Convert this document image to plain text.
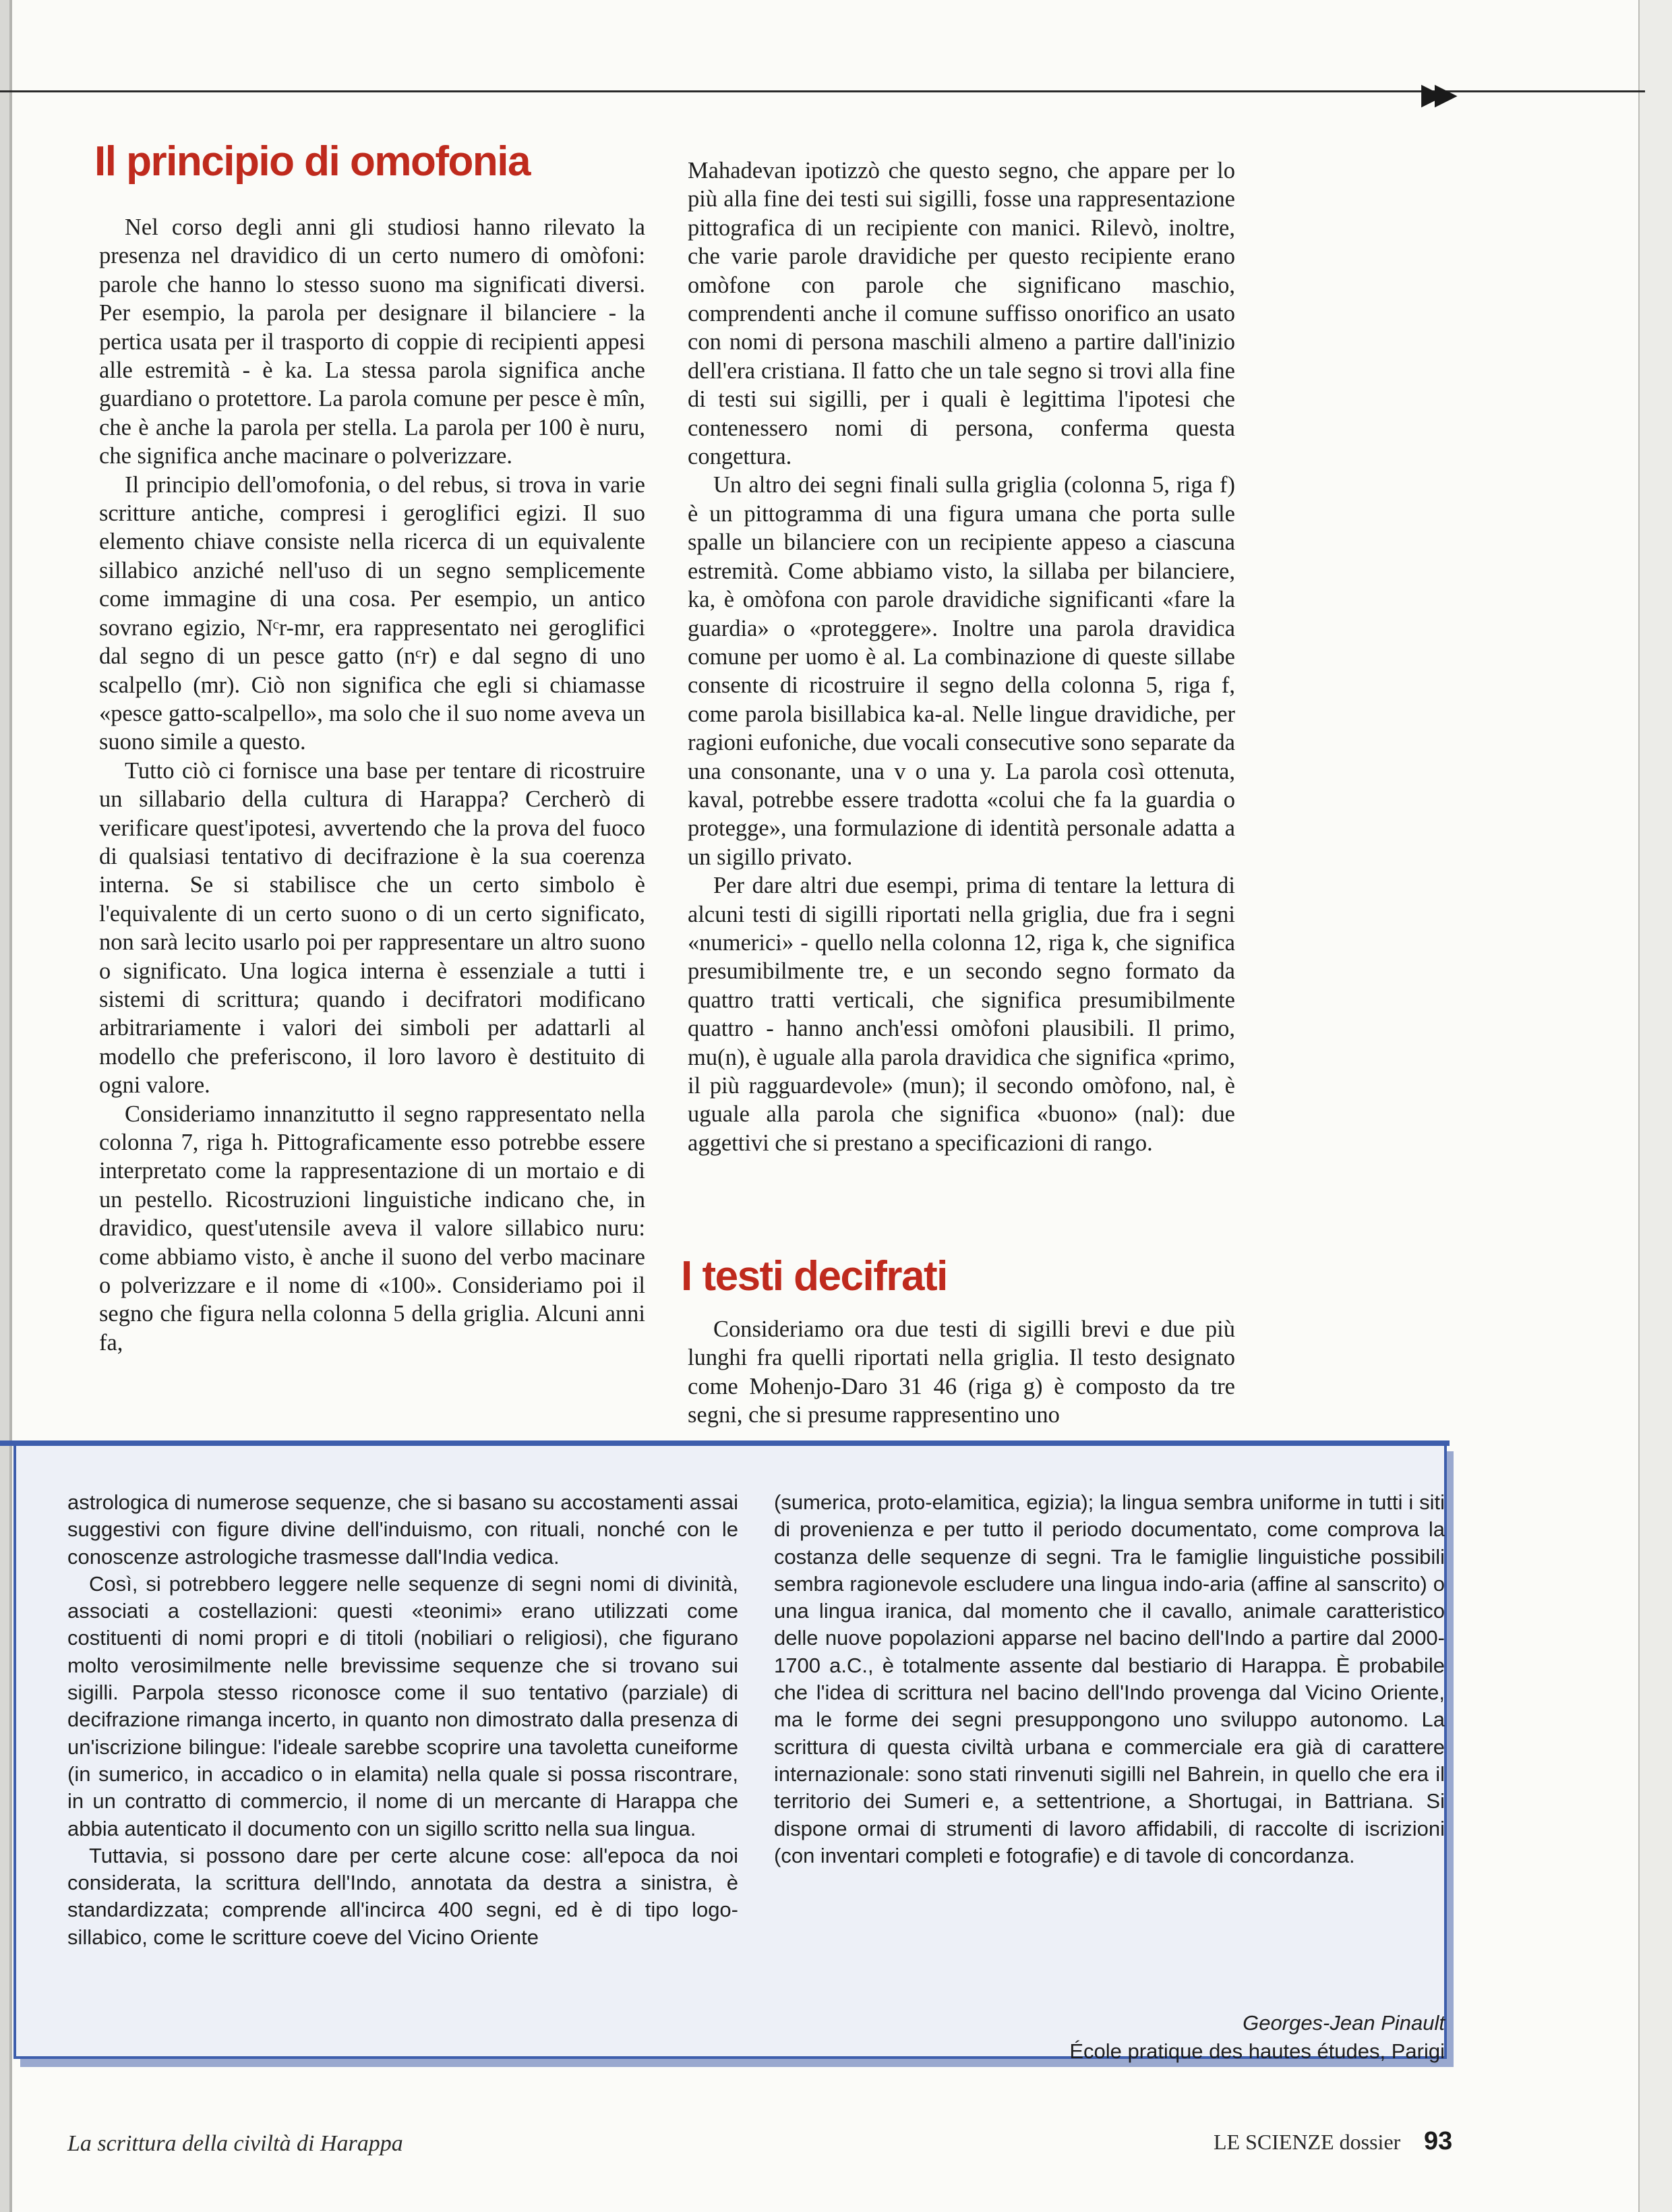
▶▶
Il principio di omofonia

Nel corso degli anni gli studiosi hanno rilevato la presenza nel dravidico di un certo numero di omòfoni: parole che hanno lo stesso suono ma significati diversi. Per esempio, la parola per designare il bilanciere - la pertica usata per il trasporto di coppie di recipienti appesi alle estremità - è ka. La stessa parola significa anche guardiano o protettore. La parola comune per pesce è mîn, che è anche la parola per stella. La parola per 100 è nuru, che significa anche macinare o polverizzare.

Il principio dell'omofonia, o del rebus, si trova in varie scritture antiche, compresi i geroglifici egizi. Il suo elemento chiave consiste nella ricerca di un equivalente sillabico anziché nell'uso di un segno semplicemente come immagine di una cosa. Per esempio, un antico sovrano egizio, Nᶜr-mr, era rappresentato nei geroglifici dal segno di un pesce gatto (nᶜr) e dal segno di uno scalpello (mr). Ciò non significa che egli si chiamasse «pesce gatto-scalpello», ma solo che il suo nome aveva un suono simile a questo.

Tutto ciò ci fornisce una base per tentare di ricostruire un sillabario della cultura di Harappa? Cercherò di verificare quest'ipotesi, avvertendo che la prova del fuoco di qualsiasi tentativo di decifrazione è la sua coerenza interna. Se si stabilisce che un certo simbolo è l'equivalente di un certo suono o di un certo significato, non sarà lecito usarlo poi per rappresentare un altro suono o significato. Una logica interna è essenziale a tutti i sistemi di scrittura; quando i decifratori modificano arbitrariamente i valori dei simboli per adattarli al modello che preferiscono, il loro lavoro è destituito di ogni valore.

Consideriamo innanzitutto il segno rappresentato nella colonna 7, riga h. Pittograficamente esso potrebbe essere interpretato come la rappresentazione di un mortaio e di un pestello. Ricostruzioni linguistiche indicano che, in dravidico, quest'utensile aveva il valore sillabico nuru: come abbiamo visto, è anche il suono del verbo macinare o polverizzare e il nome di «100». Consideriamo poi il segno che figura nella colonna 5 della griglia. Alcuni anni fa,

Mahadevan ipotizzò che questo segno, che appare per lo più alla fine dei testi sui sigilli, fosse una rappresentazione pittografica di un recipiente con manici. Rilevò, inoltre, che varie parole dravidiche per questo recipiente erano omòfone con parole che significano maschio, comprendenti anche il comune suffisso onorifico an usato con nomi di persona maschili almeno a partire dall'inizio dell'era cristiana. Il fatto che un tale segno si trovi alla fine di testi sui sigilli, per i quali è legittima l'ipotesi che contenessero nomi di persona, conferma questa congettura.

Un altro dei segni finali sulla griglia (colonna 5, riga f) è un pittogramma di una figura umana che porta sulle spalle un bilanciere con un recipiente appeso a ciascuna estremità. Come abbiamo visto, la sillaba per bilanciere, ka, è omòfona con parole dravidiche significanti «fare la guardia» o «proteggere». Inoltre una parola dravidica comune per uomo è al. La combinazione di queste sillabe consente di ricostruire il segno della colonna 5, riga f, come parola bisillabica ka-al. Nelle lingue dravidiche, per ragioni eufoniche, due vocali consecutive sono separate da una consonante, una v o una y. La parola così ottenuta, kaval, potrebbe essere tradotta «colui che fa la guardia o protegge», una formulazione di identità personale adatta a un sigillo privato.

Per dare altri due esempi, prima di tentare la lettura di alcuni testi di sigilli riportati nella griglia, due fra i segni «numerici» - quello nella colonna 12, riga k, che significa presumibilmente tre, e un secondo segno formato da quattro tratti verticali, che significa presumibilmente quattro - hanno anch'essi omòfoni plausibili. Il primo, mu(n), è uguale alla parola dravidica che significa «primo, il più ragguardevole» (mun); il secondo omòfono, nal, è uguale alla parola che significa «buono» (nal): due aggettivi che si prestano a specificazioni di rango.

I testi decifrati

Consideriamo ora due testi di sigilli brevi e due più lunghi fra quelli riportati nella griglia. Il testo designato come Mohenjo-Daro 31 46 (riga g) è composto da tre segni, che si presume rappresentino uno

astrologica di numerose sequenze, che si basano su accostamenti assai suggestivi con figure divine dell'induismo, con rituali, nonché con le conoscenze astrologiche trasmesse dall'India vedica.

Così, si potrebbero leggere nelle sequenze di segni nomi di divinità, associati a costellazioni: questi «teonimi» erano utilizzati come costituenti di nomi propri e di titoli (nobiliari o religiosi), che figurano molto verosimilmente nelle brevissime sequenze che si trovano sui sigilli. Parpola stesso riconosce come il suo tentativo (parziale) di decifrazione rimanga incerto, in quanto non dimostrato dalla presenza di un'iscrizione bilingue: l'ideale sarebbe scoprire una tavoletta cuneiforme (in sumerico, in accadico o in elamita) nella quale si possa riscontrare, in un contratto di commercio, il nome di un mercante di Harappa che abbia autenticato il documento con un sigillo scritto nella sua lingua.

Tuttavia, si possono dare per certe alcune cose: all'epoca da noi considerata, la scrittura dell'Indo, annotata da destra a sinistra, è standardizzata; comprende all'incirca 400 segni, ed è di tipo logo-sillabico, come le scritture coeve del Vicino Oriente

(sumerica, proto-elamitica, egizia); la lingua sembra uniforme in tutti i siti di provenienza e per tutto il periodo documentato, come comprova la costanza delle sequenze di segni. Tra le famiglie linguistiche possibili sembra ragionevole escludere una lingua indo-aria (affine al sanscrito) o una lingua iranica, dal momento che il cavallo, animale caratteristico delle nuove popolazioni apparse nel bacino dell'Indo a partire dal 2000-1700 a.C., è totalmente assente dal bestiario di Harappa. È probabile che l'idea di scrittura nel bacino dell'Indo provenga dal Vicino Oriente, ma le forme dei segni presuppongono uno sviluppo autonomo. La scrittura di questa civiltà urbana e commerciale era già di carattere internazionale: sono stati rinvenuti sigilli nel Bahrein, in quello che era il territorio dei Sumeri e, a settentrione, a Shortugai, in Battriana. Si dispone ormai di strumenti di lavoro affidabili, di raccolte di iscrizioni (con inventari completi e fotografie) e di tavole di concordanza.

Georges-Jean Pinault
École pratique des hautes études, Parigi
La scrittura della civiltà di Harappa	LE SCIENZE dossier 93
